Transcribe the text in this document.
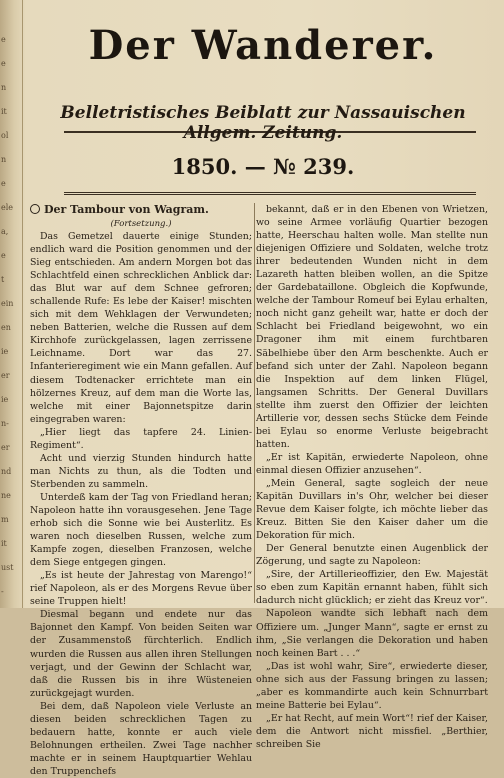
e
e
n
it
ol
n
e
ele
a,
e
t
ein
en
ie
er
ie
n-
er
nd
ne
m
it
ust
-
Der Wanderer.
Belletristisches Beiblatt zur Nassauischen Allgem. Zeitung.
1850. — № 239.
Der Tambour von Wagram.
(Fortsetzung.)
Das Gemetzel dauerte einige Stunden; endlich ward die Position genommen und der Sieg entschieden. Am andern Morgen bot das Schlachtfeld einen schrecklichen Anblick dar: das Blut war auf dem Schnee gefroren; schallende Rufe: Es lebe der Kaiser! mischten sich mit dem Wehklagen der Verwundeten; neben Batterien, welche die Russen auf dem Kirchhofe zurückgelassen, lagen zerrissene Leichname. Dort war das 27. Infanterieregiment wie ein Mann gefallen. Auf diesem Todtenacker errichtete man ein hölzernes Kreuz, auf dem man die Worte las, welche mit einer Bajonnetspitze darin eingegraben waren:
„Hier liegt das tapfere 24. Linien-Regiment“.
Acht und vierzig Stunden hindurch hatte man Nichts zu thun, als die Todten und Sterbenden zu sammeln.
Unterdeß kam der Tag von Friedland heran; Napoleon hatte ihn vorausgesehen. Jene Tage erhob sich die Sonne wie bei Austerlitz. Es waren noch dieselben Russen, welche zum Kampfe zogen, dieselben Franzosen, welche dem Siege entgegen gingen.
„Es ist heute der Jahrestag von Marengo!“ rief Napoleon, als er des Morgens Revue über seine Truppen hielt!
Diesmal begann und endete nur das Bajonnet den Kampf. Von beiden Seiten war der Zusammenstoß fürchterlich. Endlich wurden die Russen aus allen ihren Stellungen verjagt, und der Gewinn der Schlacht war, daß die Russen bis in ihre Wüsteneien zurückgejagt wurden.
Bei dem, daß Napoleon viele Verluste an diesen beiden schrecklichen Tagen zu bedauern hatte, konnte er auch viele Belohnungen ertheilen. Zwei Tage nachher machte er in seinem Hauptquartier Wehlau den Truppenchefs
bekannt, daß er in den Ebenen von Wrietzen, wo seine Armee vorläufig Quartier bezogen hatte, Heerschau halten wolle. Man stellte nun diejenigen Offiziere und Soldaten, welche trotz ihrer bedeutenden Wunden nicht in dem Lazareth hatten bleiben wollen, an die Spitze der Gardebataillone. Obgleich die Kopfwunde, welche der Tambour Romeuf bei Eylau erhalten, noch nicht ganz geheilt war, hatte er doch der Schlacht bei Friedland beigewohnt, wo ein Dragoner ihm mit einem furchtbaren Säbelhiebe über den Arm beschenkte. Auch er befand sich unter der Zahl. Napoleon begann die Inspektion auf dem linken Flügel, langsamen Schritts. Der General Duvillars stellte ihm zuerst den Offizier der leichten Artillerie vor, dessen sechs Stücke dem Feinde bei Eylau so enorme Verluste beigebracht hatten.
„Er ist Kapitän, erwiederte Napoleon, ohne einmal diesen Offizier anzusehen“.
„Mein General, sagte sogleich der neue Kapitän Duvillars in's Ohr, welcher bei dieser Revue dem Kaiser folgte, ich möchte lieber das Kreuz. Bitten Sie den Kaiser daher um die Dekoration für mich.
Der General benutzte einen Augenblick der Zögerung, und sagte zu Napoleon:
„Sire, der Artillerieoffizier, den Ew. Majestät so eben zum Kapitän ernannt haben, fühlt sich dadurch nicht glücklich; er zieht das Kreuz vor“.
Napoleon wandte sich lebhaft nach dem Offiziere um. „Junger Mann“, sagte er ernst zu ihm, „Sie verlangen die Dekoration und haben noch keinen Bart . . .“
„Das ist wohl wahr, Sire“, erwiederte dieser, ohne sich aus der Fassung bringen zu lassen; „aber es kommandirte auch kein Schnurrbart meine Batterie bei Eylau“.
„Er hat Recht, auf mein Wort“! rief der Kaiser, dem die Antwort nicht missfiel. „Berthier, schreiben Sie
